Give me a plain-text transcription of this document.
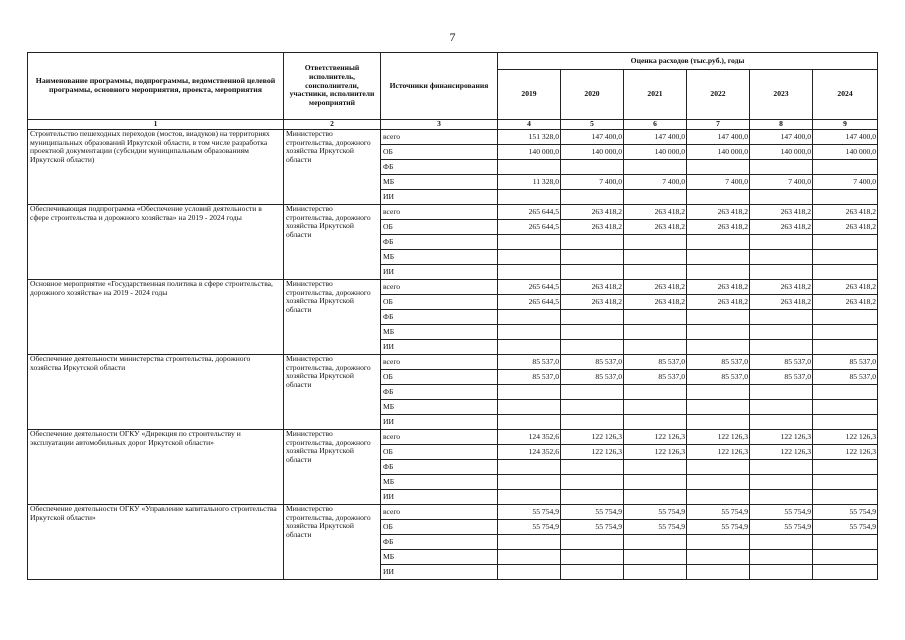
7
Наименование программы, подпрограммы, ведомственной целевой программы, основного мероприятия, проекта, мероприятия	Ответственный исполнитель, соисполнители, участники, исполнители мероприятий	Источники финансирования	Оценка расходов (тыс.руб.), годы					
			2019	2020	2021	2022	2023	2024
1	2	3	4	5	6	7	8	9
Строительство пешеходных переходов (мостов, виадуков) на территориях муниципальных образований Иркутской области, в том числе разработка проектной документации (субсидии муниципальным образованиям Иркутской области)	Министерство строительства, дорожного хозяйства Иркутской области	всего	151 328,0	147 400,0	147 400,0	147 400,0	147 400,0	147 400,0
		ОБ	140 000,0	140 000,0	140 000,0	140 000,0	140 000,0	140 000,0
		ФБ						
		МБ	11 328,0	7 400,0	7 400,0	7 400,0	7 400,0	7 400,0
		ИИ						
Обеспечивающая подпрограмма «Обеспечение условий деятельности в сфере строительства и дорожного хозяйства» на 2019 - 2024 годы	Министерство строительства, дорожного хозяйства Иркутской области	всего	265 644,5	263 418,2	263 418,2	263 418,2	263 418,2	263 418,2
		ОБ	265 644,5	263 418,2	263 418,2	263 418,2	263 418,2	263 418,2
		ФБ						
		МБ						
		ИИ						
Основное мероприятие «Государственная политика в сфере строительства, дорожного хозяйства» на 2019 - 2024 годы	Министерство строительства, дорожного хозяйства Иркутской области	всего	265 644,5	263 418,2	263 418,2	263 418,2	263 418,2	263 418,2
		ОБ	265 644,5	263 418,2	263 418,2	263 418,2	263 418,2	263 418,2
		ФБ						
		МБ						
		ИИ						
Обеспечение деятельности министерства строительства, дорожного хозяйства Иркутской области	Министерство строительства, дорожного хозяйства Иркутской области	всего	85 537,0	85 537,0	85 537,0	85 537,0	85 537,0	85 537,0
		ОБ	85 537,0	85 537,0	85 537,0	85 537,0	85 537,0	85 537,0
		ФБ						
		МБ						
		ИИ						
Обеспечение деятельности ОГКУ «Дирекция по строительству и эксплуатации автомобильных дорог Иркутской области»	Министерство строительства, дорожного хозяйства Иркутской области	всего	124 352,6	122 126,3	122 126,3	122 126,3	122 126,3	122 126,3
		ОБ	124 352,6	122 126,3	122 126,3	122 126,3	122 126,3	122 126,3
		ФБ						
		МБ						
		ИИ						
Обеспечение деятельности ОГКУ «Управление капитального строительства Иркутской области»	Министерство строительства, дорожного хозяйства Иркутской области	всего	55 754,9	55 754,9	55 754,9	55 754,9	55 754,9	55 754,9
		ОБ	55 754,9	55 754,9	55 754,9	55 754,9	55 754,9	55 754,9
		ФБ						
		МБ						
		ИИ						
